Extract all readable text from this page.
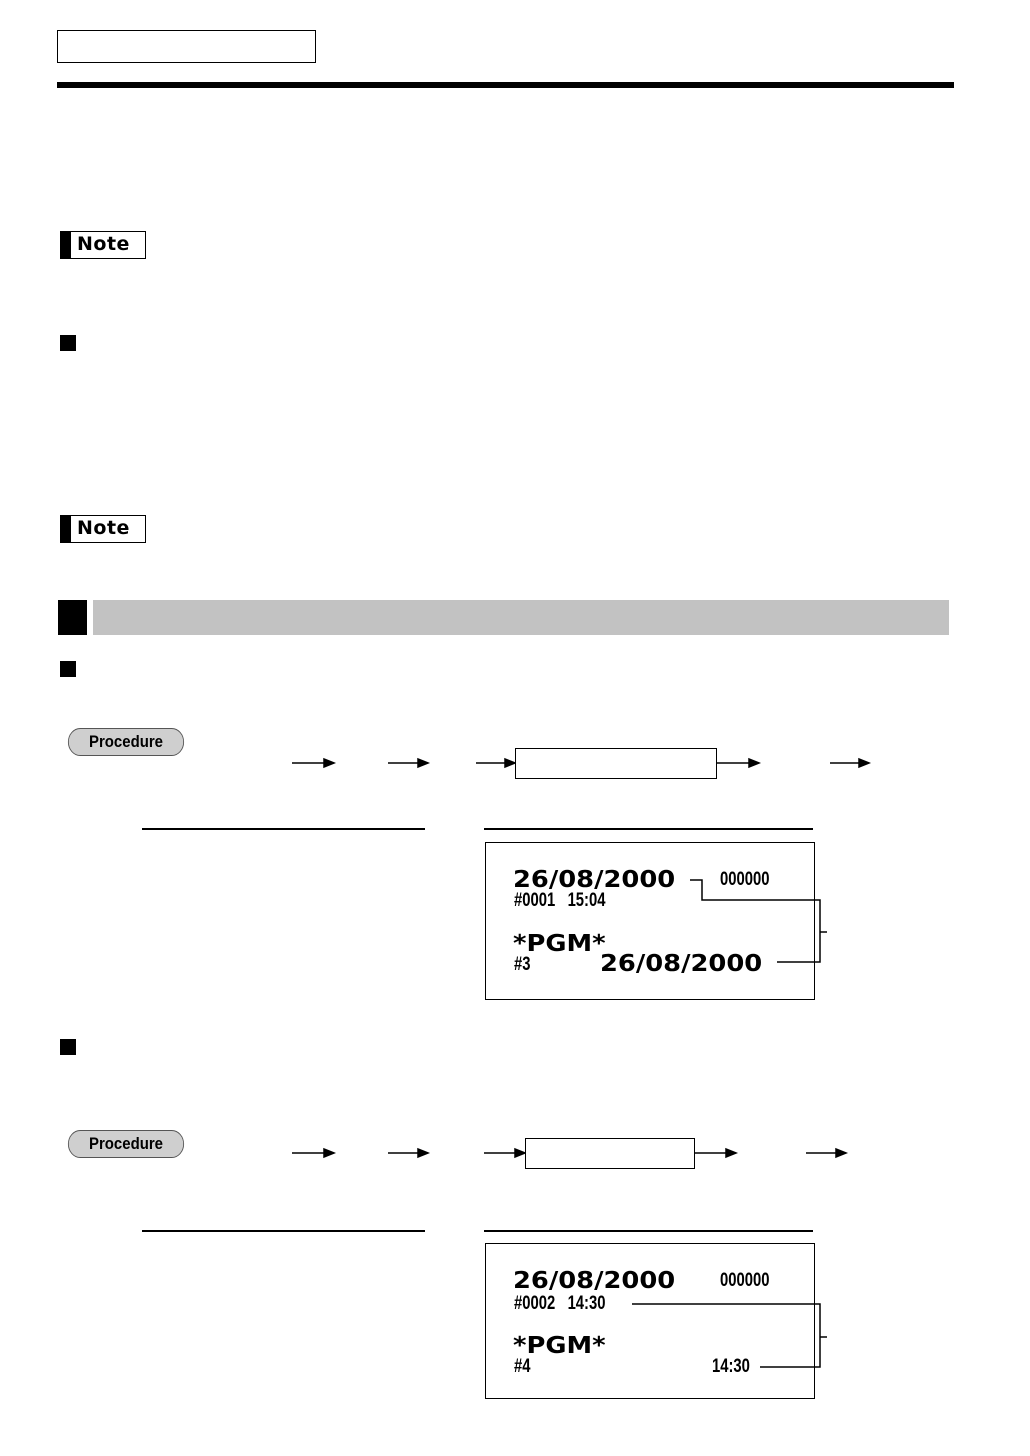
Note
Note
Procedure
26/08/2000 000000
#0001   15:04
*PGM*
#3	26/08/2000
Procedure
26/08/2000 000000
#0002   14:30
*PGM*
#4	14:30
